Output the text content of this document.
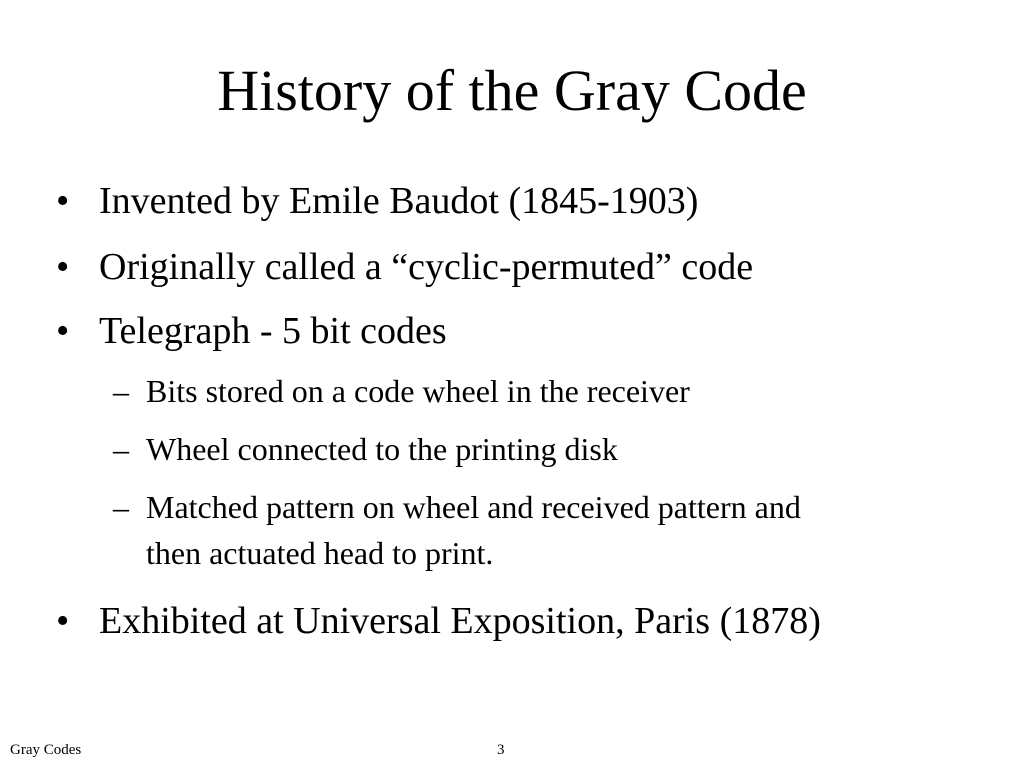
History of the Gray Code
• Invented by Emile Baudot (1845-1903)
• Originally called a “cyclic-permuted” code
• Telegraph - 5 bit codes
– Bits stored on a code wheel in the receiver
– Wheel connected to the printing disk
– Matched pattern on wheel and received pattern and
then actuated head to print.
• Exhibited at Universal Exposition, Paris (1878)
Gray Codes	3
